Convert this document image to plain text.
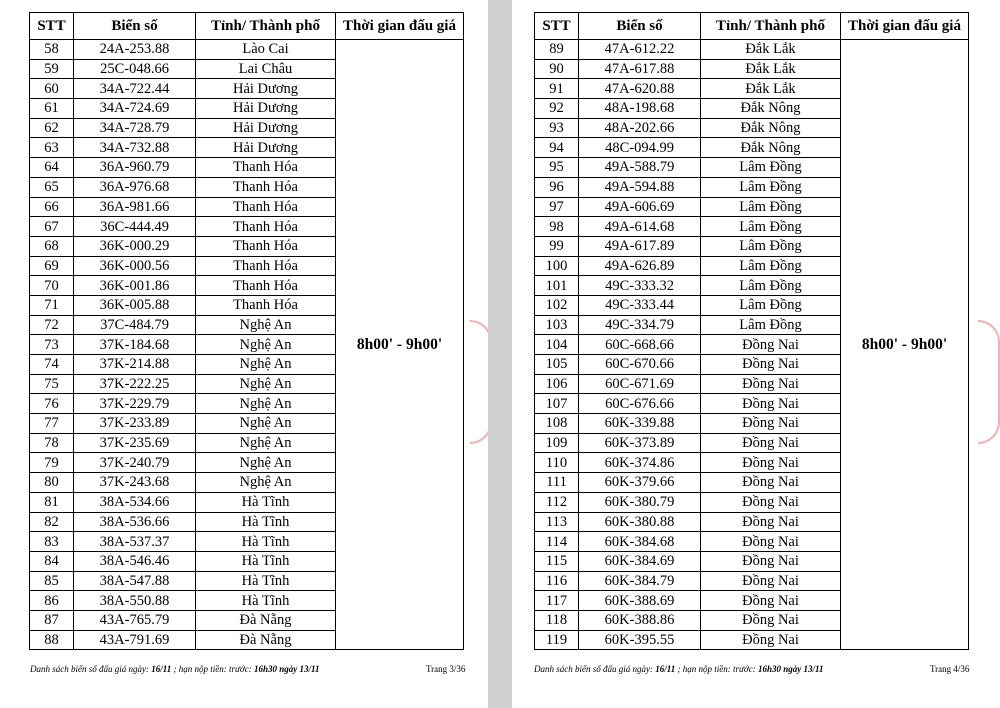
STT	Biển số	Tỉnh/ Thành phố	Thời gian đấu giá
58	24A-253.88	Lào Cai	8h00' - 9h00'
59	25C-048.66	Lai Châu	
60	34A-722.44	Hải Dương	
61	34A-724.69	Hải Dương	
62	34A-728.79	Hải Dương	
63	34A-732.88	Hải Dương	
64	36A-960.79	Thanh Hóa	
65	36A-976.68	Thanh Hóa	
66	36A-981.66	Thanh Hóa	
67	36C-444.49	Thanh Hóa	
68	36K-000.29	Thanh Hóa	
69	36K-000.56	Thanh Hóa	
70	36K-001.86	Thanh Hóa	
71	36K-005.88	Thanh Hóa	
72	37C-484.79	Nghệ An	
73	37K-184.68	Nghệ An	
74	37K-214.88	Nghệ An	
75	37K-222.25	Nghệ An	
76	37K-229.79	Nghệ An	
77	37K-233.89	Nghệ An	
78	37K-235.69	Nghệ An	
79	37K-240.79	Nghệ An	
80	37K-243.68	Nghệ An	
81	38A-534.66	Hà Tĩnh	
82	38A-536.66	Hà Tĩnh	
83	38A-537.37	Hà Tĩnh	
84	38A-546.46	Hà Tĩnh	
85	38A-547.88	Hà Tĩnh	
86	38A-550.88	Hà Tĩnh	
87	43A-765.79	Đà Nẵng	
88	43A-791.69	Đà Nẵng	
Danh sách biển số đấu giá ngày: 16/11 ; hạn nộp tiền: trước: 16h30 ngày 13/11	Trang 3/36
STT	Biển số	Tỉnh/ Thành phố	Thời gian đấu giá
89	47A-612.22	Đắk Lắk	8h00' - 9h00'
90	47A-617.88	Đắk Lắk	
91	47A-620.88	Đắk Lắk	
92	48A-198.68	Đắk Nông	
93	48A-202.66	Đắk Nông	
94	48C-094.99	Đắk Nông	
95	49A-588.79	Lâm Đồng	
96	49A-594.88	Lâm Đồng	
97	49A-606.69	Lâm Đồng	
98	49A-614.68	Lâm Đồng	
99	49A-617.89	Lâm Đồng	
100	49A-626.89	Lâm Đồng	
101	49C-333.32	Lâm Đồng	
102	49C-333.44	Lâm Đồng	
103	49C-334.79	Lâm Đồng	
104	60C-668.66	Đồng Nai	
105	60C-670.66	Đồng Nai	
106	60C-671.69	Đồng Nai	
107	60C-676.66	Đồng Nai	
108	60K-339.88	Đồng Nai	
109	60K-373.89	Đồng Nai	
110	60K-374.86	Đồng Nai	
111	60K-379.66	Đồng Nai	
112	60K-380.79	Đồng Nai	
113	60K-380.88	Đồng Nai	
114	60K-384.68	Đồng Nai	
115	60K-384.69	Đồng Nai	
116	60K-384.79	Đồng Nai	
117	60K-388.69	Đồng Nai	
118	60K-388.86	Đồng Nai	
119	60K-395.55	Đồng Nai	
Danh sách biển số đấu giá ngày: 16/11 ; hạn nộp tiền: trước: 16h30 ngày 13/11	Trang 4/36
